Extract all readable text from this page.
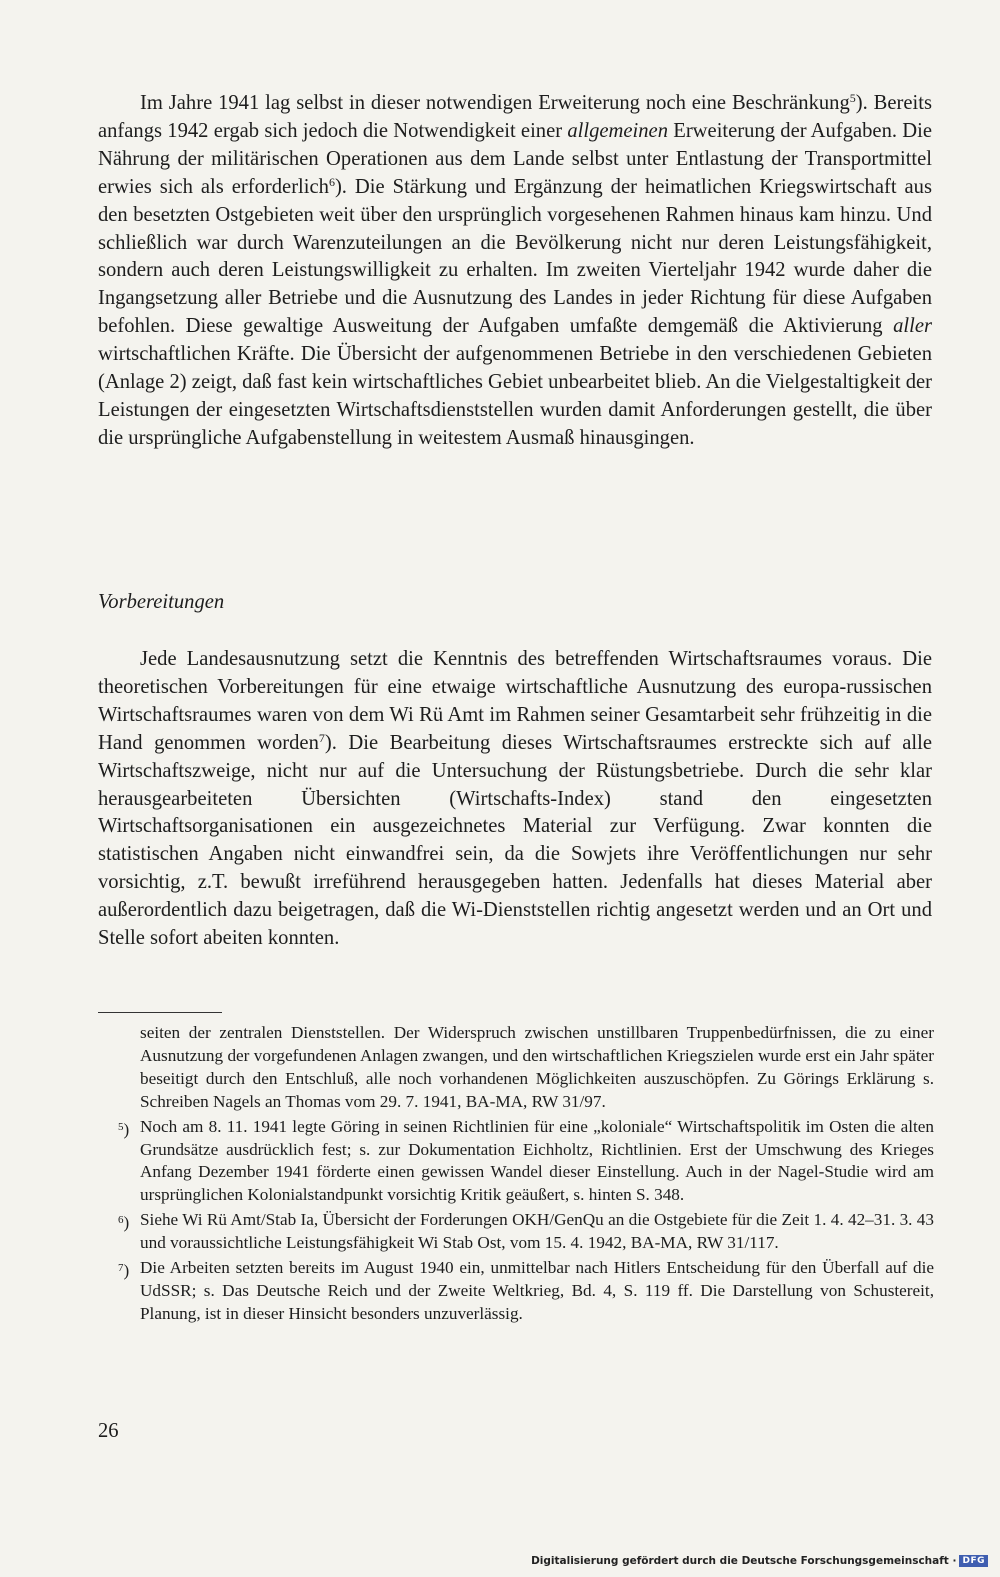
Im Jahre 1941 lag selbst in dieser notwendigen Erweiterung noch eine Beschränkung$^5$). Bereits anfangs 1942 ergab sich jedoch die Notwendigkeit einer allgemeinen Erweiterung der Aufgaben. Die Nährung der militärischen Operationen aus dem Lande selbst unter Entlastung der Transportmittel erwies sich als erforderlich$^6$). Die Stärkung und Ergänzung der heimatlichen Kriegswirtschaft aus den besetzten Ostgebieten weit über den ursprünglich vorgesehenen Rahmen hinaus kam hinzu. Und schließlich war durch Warenzuteilungen an die Bevölkerung nicht nur deren Leistungsfähigkeit, sondern auch deren Leistungswilligkeit zu erhalten. Im zweiten Vierteljahr 1942 wurde daher die Ingangsetzung aller Betriebe und die Ausnutzung des Landes in jeder Richtung für diese Aufgaben befohlen. Diese gewaltige Ausweitung der Aufgaben umfaßte demgemäß die Aktivierung aller wirtschaftlichen Kräfte. Die Übersicht der aufgenommenen Betriebe in den verschiedenen Gebieten (Anlage 2) zeigt, daß fast kein wirtschaftliches Gebiet unbearbeitet blieb. An die Vielgestaltigkeit der Leistungen der eingesetzten Wirtschaftsdienststellen wurden damit Anforderungen gestellt, die über die ursprüngliche Aufgabenstellung in weitestem Ausmaß hinausgingen.

Vorbereitungen

Jede Landesausnutzung setzt die Kenntnis des betreffenden Wirtschaftsraumes voraus. Die theoretischen Vorbereitungen für eine etwaige wirtschaftliche Ausnutzung des europa-russischen Wirtschaftsraumes waren von dem Wi Rü Amt im Rahmen seiner Gesamtarbeit sehr frühzeitig in die Hand genommen worden$^7$). Die Bearbeitung dieses Wirtschaftsraumes erstreckte sich auf alle Wirtschaftszweige, nicht nur auf die Untersuchung der Rüstungsbetriebe. Durch die sehr klar herausgearbeiteten Übersichten (Wirtschafts-Index) stand den eingesetzten Wirtschaftsorganisationen ein ausgezeichnetes Material zur Verfügung. Zwar konnten die statistischen Angaben nicht einwandfrei sein, da die Sowjets ihre Veröffentlichungen nur sehr vorsichtig, z.T. bewußt irreführend herausgegeben hatten. Jedenfalls hat dieses Material aber außerordentlich dazu beigetragen, daß die Wi-Dienststellen richtig angesetzt werden und an Ort und Stelle sofort abeiten konnten.

seiten der zentralen Dienststellen. Der Widerspruch zwischen unstillbaren Truppenbedürfnissen, die zu einer Ausnutzung der vorgefundenen Anlagen zwangen, und den wirtschaftlichen Kriegszielen wurde erst ein Jahr später beseitigt durch den Entschluß, alle noch vorhandenen Möglichkeiten auszuschöpfen. Zu Görings Erklärung s. Schreiben Nagels an Thomas vom 29. 7. 1941, BA-MA, RW 31/97.

$^5$) Noch am 8. 11. 1941 legte Göring in seinen Richtlinien für eine „koloniale“ Wirtschaftspolitik im Osten die alten Grundsätze ausdrücklich fest; s. zur Dokumentation Eichholtz, Richtlinien. Erst der Umschwung des Krieges Anfang Dezember 1941 förderte einen gewissen Wandel dieser Einstellung. Auch in der Nagel-Studie wird am ursprünglichen Kolonialstandpunkt vorsichtig Kritik geäußert, s. hinten S. 348.

$^6$) Siehe Wi Rü Amt/Stab Ia, Übersicht der Forderungen OKH/GenQu an die Ostgebiete für die Zeit 1. 4. 42–31. 3. 43 und voraussichtliche Leistungsfähigkeit Wi Stab Ost, vom 15. 4. 1942, BA-MA, RW 31/117.

$^7$) Die Arbeiten setzten bereits im August 1940 ein, unmittelbar nach Hitlers Entscheidung für den Überfall auf die UdSSR; s. Das Deutsche Reich und der Zweite Weltkrieg, Bd. 4, S. 119 ff. Die Darstellung von Schustereit, Planung, ist in dieser Hinsicht besonders unzuverlässig.

26
Digitalisierung gefördert durch die Deutsche Forschungsgemeinschaft · DFG
